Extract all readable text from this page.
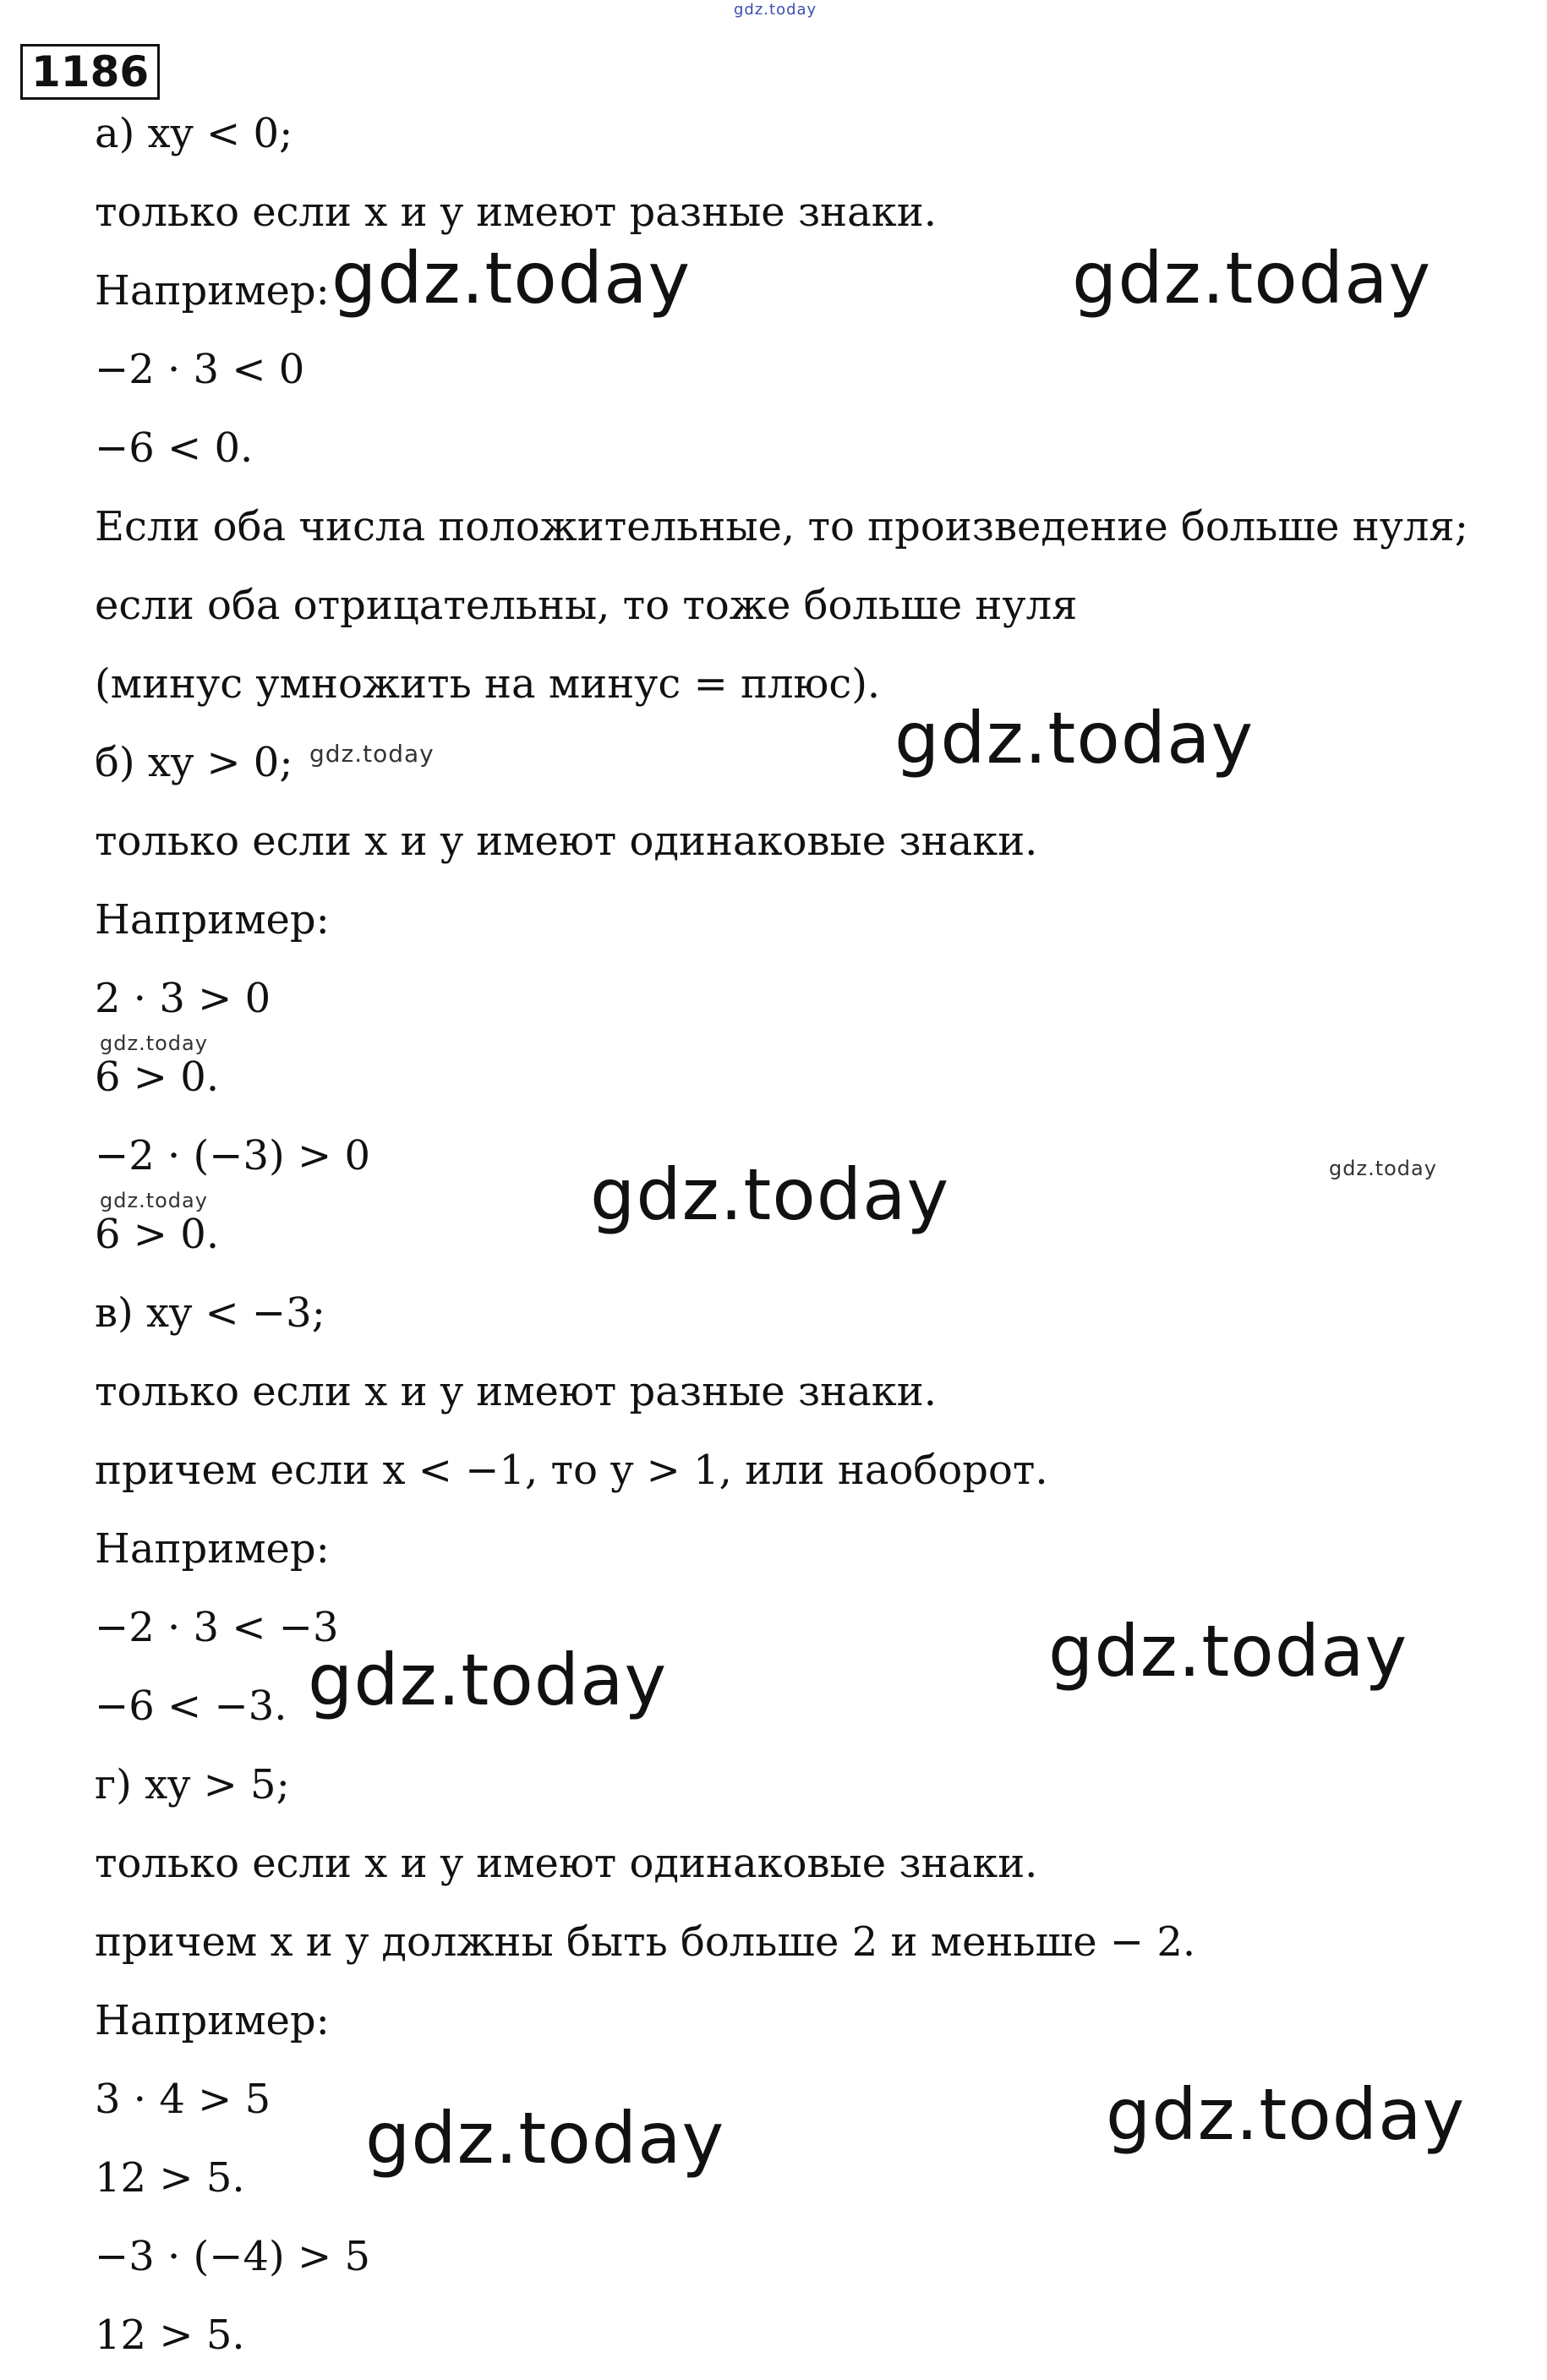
1186
а) xy < 0;
только если x и y имеют разные знаки.
Например:
−2 · 3 < 0
−6 < 0.
Если оба числа положительные, то произведение больше нуля;
если оба отрицательны, то тоже больше нуля
(минус умножить на минус = плюс).
б) xy > 0;
только если x и y имеют одинаковые знаки.
Например:
2 · 3 > 0
6 > 0.
−2 · (−3) > 0
6 > 0.
в) xy < −3;
только если x и y имеют разные знаки.
причем если x < −1, то y > 1, или наоборот.
Например:
−2 · 3 < −3
−6 < −3.
г) xy > 5;
только если x и y имеют одинаковые знаки.
причем x и y должны быть больше 2 и меньше − 2.
Например:
3 · 4 > 5
12 > 5.
−3 · (−4) > 5
12 > 5.
gdz.today
gdz.today	gdz.today
gdz.today	gdz.today
gdz.today
gdz.today
gdz.today
gdz.today
gdz.today
gdz.today
gdz.today
gdz.today
